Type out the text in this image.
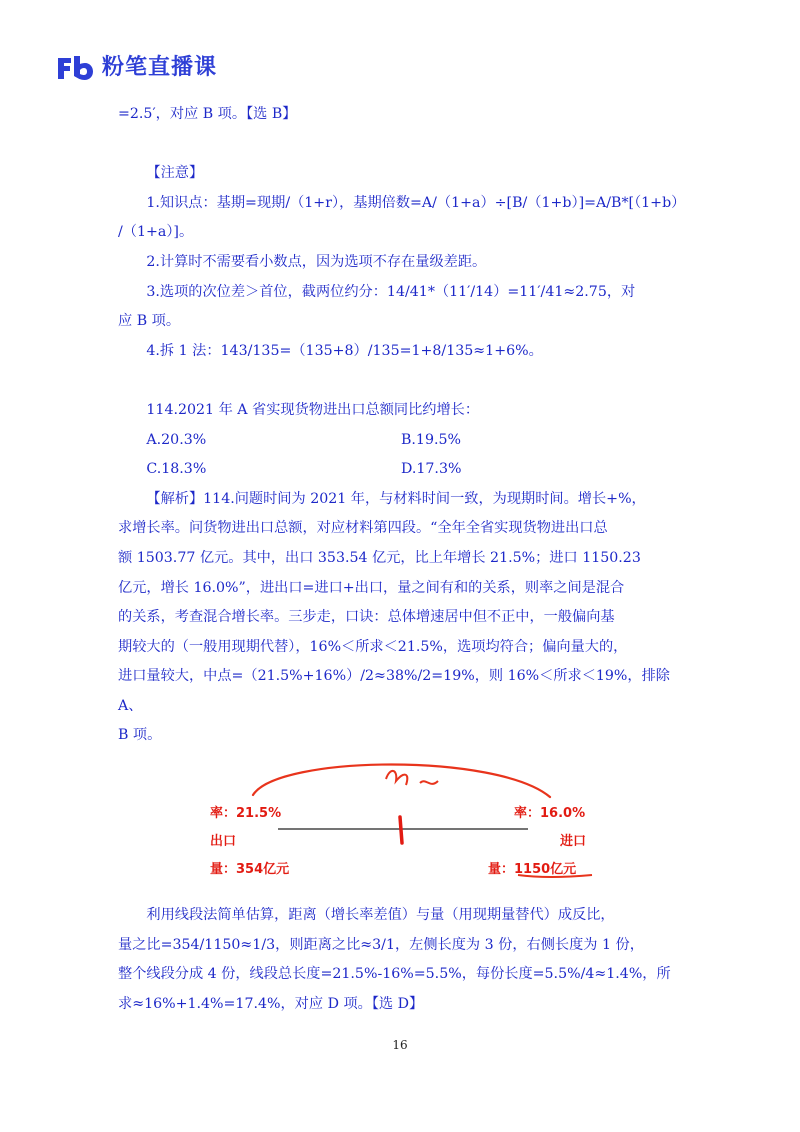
粉笔直播课

=2.5′，对应 B 项。【选 B】

【注意】

1.知识点：基期=现期/（1+r），基期倍数=A/（1+a）÷[B/（1+b）]=A/B*[（1+b）

/（1+a）]。

2.计算时不需要看小数点，因为选项不存在量级差距。

3.选项的次位差＞首位，截两位约分：14/41*（11′/14）=11′/41≈2.75，对

应 B 项。

4.拆 1 法：143/135=（135+8）/135=1+8/135≈1+6%。

114.2021 年 A 省实现货物进出口总额同比约增长：

A.20.3%	B.19.5%
C.18.3%	D.17.3%

【解析】114.问题时间为 2021 年，与材料时间一致，为现期时间。增长+%，

求增长率。问货物进出口总额，对应材料第四段。“全年全省实现货物进出口总

额 1503.77 亿元。其中，出口 353.54 亿元，比上年增长 21.5%；进口 1150.23

亿元，增长 16.0%”，进出口=进口+出口，量之间有和的关系，则率之间是混合

的关系，考查混合增长率。三步走，口诀：总体增速居中但不正中，一般偏向基

期较大的（一般用现期代替），16%＜所求＜21.5%，选项均符合；偏向量大的，

进口量较大，中点=（21.5%+16%）/2≈38%/2=19%，则 16%＜所求＜19%，排除 A、

B 项。

率：21.5%	率：16.0%
出口	进口
量：354亿元	量：1150亿元

利用线段法简单估算，距离（增长率差值）与量（用现期量替代）成反比，

量之比=354/1150≈1/3，则距离之比≈3/1，左侧长度为 3 份，右侧长度为 1 份，

整个线段分成 4 份，线段总长度=21.5%-16%=5.5%，每份长度=5.5%/4≈1.4%，所

求≈16%+1.4%=17.4%，对应 D 项。【选 D】

16
